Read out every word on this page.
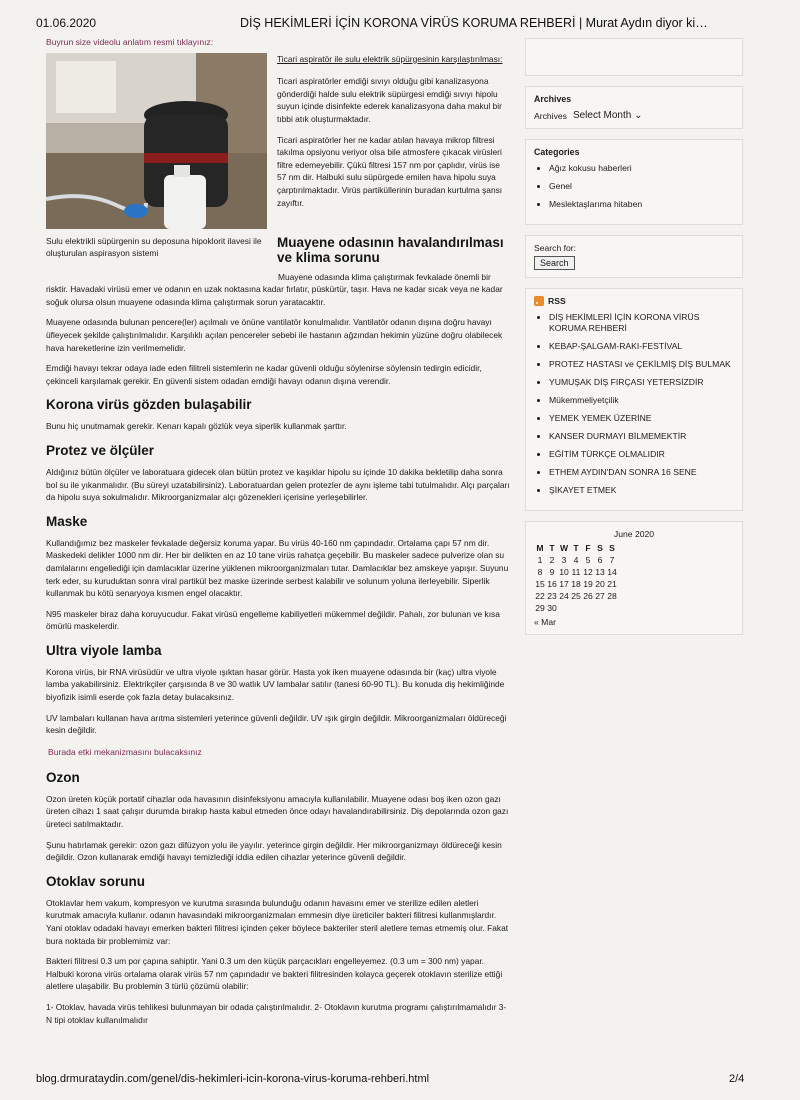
01.06.2020	DİŞ HEKİMLERİ İÇİN KORONA VİRÜS KORUMA REHBERİ | Murat Aydın diyor ki…
Buyrun size videolu anlatım resmi tıklayınız:

Ticari aspiratör ile sulu elektrik süpürgesinin karşılaştırılması:

Ticari aspiratörler emdiği sıvıyı olduğu gibi kanalizasyona gönderdiği halde sulu elektrik süpürgesi emdiği sıvıyı hipolu suyun içinde disinfekte ederek kanalizasyona daha makul bir tıbbi atık oluşturmaktadır.

Ticari aspiratörler her ne kadar atılan havaya mikrop filtresi takılma opsiyonu veriyor olsa bile atmosfere çıkacak virüsleri filtre edemeyebilir. Çükü filtresi 157 nm por çaplıdır, virüs ise 57 nm dir. Halbuki sulu süpürgede emilen hava hipolu suya çarptırılmaktadır. Virüs partiküllerinin buradan kurtulma şansı zayıftır.

Sulu elektrikli süpürgenin su deposuna hipoklorit ilavesi ile oluşturulan aspirasyon sistemi

Muayene odasının havalandırılması ve klima sorunu

Muayene odasında klima çalıştırmak fevkalade önemli bir risktir. Havadaki virüsü emer ve odanın en uzak noktasına kadar fırlatır, püskürtür, taşır. Hava ne kadar sıcak veya ne kadar soğuk olursa olsun muayene odasında klima çalıştırmak sorun yaratacaktır.

Muayene odasında bulunan pencere(ler) açılmalı ve önüne vantilatör konulmalıdır. Vantilatör odanın dışına doğru havayı üfleyecek şekilde çalıştırılmalıdır. Karşılıklı açılan pencereler sebebi ile hastanın ağzından hekimin yüzüne doğru olabilecek hava hareketlerine izin verilmemelidir.

Emdiği havayı tekrar odaya iade eden filitreli sistemlerin ne kadar güvenli olduğu söylenirse söylensin tedirgin edicidir, çekinceli karşılamak gerekir. En güvenli sistem odadan emdiği havayı odanın dışına verendir.

Korona virüs gözden bulaşabilir

Bunu hiç unutmamak gerekir. Kenarı kapalı gözlük veya siperlik kullanmak şarttır.

Protez ve ölçüler

Aldığınız bütün ölçüler ve laboratuara gidecek olan bütün protez ve kaşıklar hipolu su içinde 10 dakika bekletilip daha sonra bol su ile yıkanmalıdır. (Bu süreyi uzatabilirsiniz). Laboratuardan gelen protezler de aynı işleme tabi tutulmalıdır. Alçı parçaları da hipolu suya sokulmalıdır. Mikroorganizmalar alçı gözenekleri içerisine yerleşebilirler.

Maske

Kullandığımız bez maskeler fevkalade değersiz koruma yapar. Bu virüs 40-160 nm çapındadır. Ortalama çapı 57 nm dir. Maskedeki delikler 1000 nm dir. Her bir delikten en az 10 tane virüs rahatça geçebilir. Bu maskeler sadece pulverize olan su damlalarını engellediği için damlacıklar üzerine yüklenen mikroorganizmaları tutar. Damlacıklar bez amskeye yapışır. Suyunu terk eder, su kuruduktan sonra viral partikül bez maske üzerinde serbest kalabilir ve solunum yoluna ilerleyebilir. Siperlik kullanmak bu kötü senaryoya kısmen engel olacaktır.

N95 maskeler biraz daha koruyucudur. Fakat virüsü engelleme kabiliyetleri mükemmel değildir. Pahalı, zor bulunan ve kısa ömürlü maskelerdir.

Ultra viyole lamba

Korona virüs, bir RNA virüsüdür ve ultra viyole ışıktan hasar görür. Hasta yok iken muayene odasında bir (kaç) ultra viyole lamba yakabilirsiniz. Elektrikçiler çarşısında 8 ve 30 watlık UV lambalar satılır (tanesi 60-90 TL). Bu konuda diş hekimliğinde biyofizik isimli eserde çok fazla detay bulacaksınız.

UV lambaları kullanan hava arıtma sistemleri yeterince güvenli değildir. UV ışık girgin değildir. Mikroorganizmaları öldüreceği kesin değildir.

Burada etki mekanizmasını bulacaksınız
Ozon

Ozon üreten küçük portatif cihazlar oda havasının disinfeksiyonu amacıyla kullanılabilir. Muayene odası boş iken ozon gazı üreten cihazı 1 saat çalışır durumda bırakıp hasta kabul etmeden önce odayı havalandırabilirsiniz. Diş depolarında ozon gazı üreteci satılmaktadır.

Şunu hatırlamak gerekir: ozon gazı difüzyon yolu ile yayılır. yeterince girgin değildir. Her mikroorganizmayı öldüreceği kesin değildir. Ozon kullanarak emdiği havayı temizlediği iddia edilen cihazlar yeterince güvenli değildir.

Otoklav sorunu

Otoklavlar hem vakum, kompresyon ve kurutma sırasında bulunduğu odanın havasını emer ve sterilize edilen aletleri kurutmak amacıyla kullanır. odanın havasındaki mikroorganizmaları emmesin diye üreticiler bakteri filitresi kullanmışlardır. Yani otoklav odadaki havayı emerken bakteri filitresi içinden çeker böylece bakteriler steril aletlere temas etmemiş olur. Fakat bura noktada bir problemimiz var:

Bakteri filitresi 0.3 um por çapına sahiptir. Yani 0.3 um den küçük parçacıkları engelleyemez. (0.3 um = 300 nm) yapar. Halbuki korona virüs ortalama olarak virüs 57 nm çapındadır ve bakteri filitresinden kolayca geçerek otoklavın sterilize ettiği aletlere ulaşabilir. Bu problemin 3 türlü çözümü olabilir:

1- Otoklav, havada virüs tehlikesi bulunmayan bir odada çalıştırılmalıdır. 2- Otoklavın kurutma programı çalıştırılmamalıdır 3- N tipi otoklav kullanılmalıdır

Archives
Archives Select Month ⌄
Categories
• Ağız kokusu haberleri
• Genel
• Meslektaşlarıma hitaben
Search for:
Search
RSS
• DİŞ HEKİMLERİ İÇİN KORONA VİRÜS KORUMA REHBERİ
• KEBAP-ŞALGAM-RAKI-FESTİVAL
• PROTEZ HASTASI ve ÇEKİLMİŞ DİŞ BULMAK
• YUMUŞAK DİŞ FIRÇASI YETERSİZDİR
• Mükemmeliyetçilik
• YEMEK YEMEK ÜZERİNE
• KANSER DURMAYI BİLMEMEKTİR
• EĞİTİM TÜRKÇE OLMALIDIR
• ETHEM AYDIN'DAN SONRA 16 SENE
• ŞİKAYET ETMEK
June 2020
M	T	W	T	F	S	S
1	2	3	4	5	6	7
8	9	10	11	12	13	14
15	16	17	18	19	20	21
22	23	24	25	26	27	28
29	30					
« Mar
blog.drmurataydin.com/genel/dis-hekimleri-icin-korona-virus-koruma-rehberi.html	2/4
